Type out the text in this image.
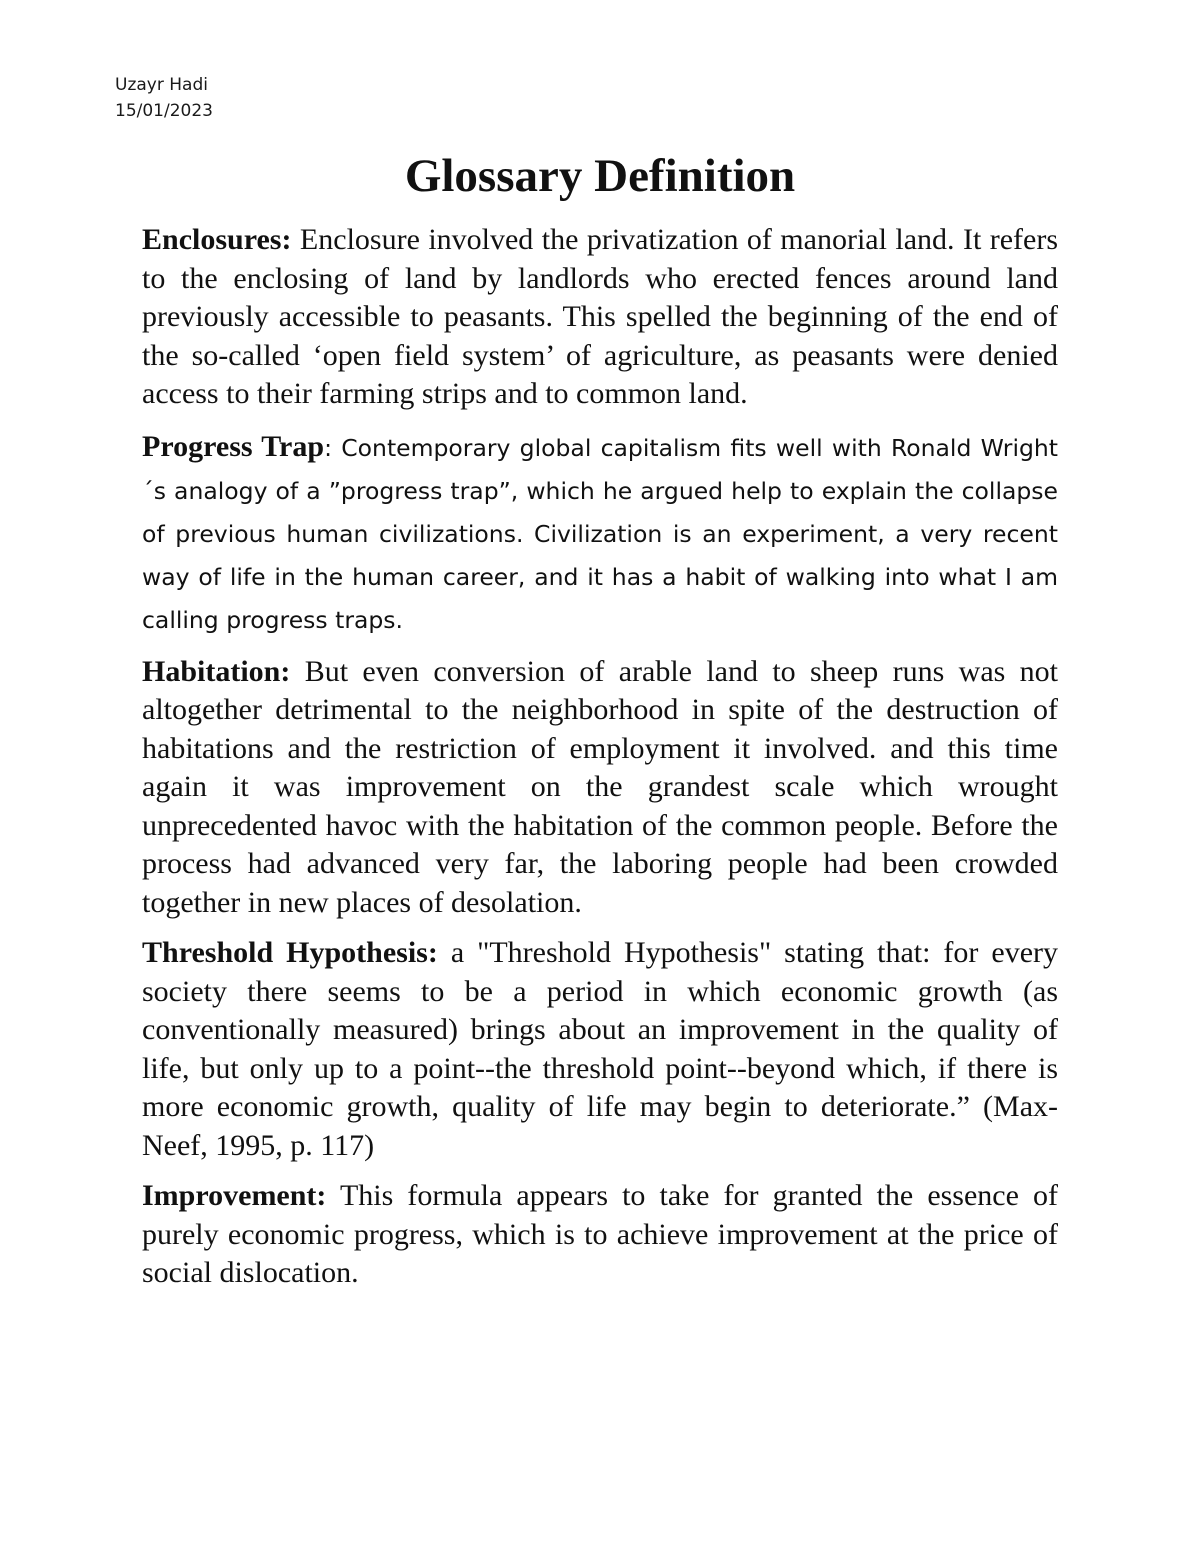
Uzayr Hadi
15/01/2023
Glossary Definition

Enclosures: Enclosure involved the privatization of manorial land. It refers to the enclosing of land by landlords who erected fences around land previously accessible to peasants. This spelled the beginning of the end of the so-called ‘open field system’ of agriculture, as peasants were denied access to their farming strips and to common land.

Progress Trap: Contemporary global capitalism fits well with Ronald Wright´s analogy of a ”progress trap”, which he argued help to explain the collapse of previous human civilizations. Civilization is an experiment, a very recent way of life in the human career, and it has a habit of walking into what I am calling progress traps.

Habitation: But even conversion of arable land to sheep runs was not altogether detrimental to the neighborhood in spite of the destruction of habitations and the restriction of employment it involved. and this time again it was improvement on the grandest scale which wrought unprecedented havoc with the habitation of the common people. Before the process had advanced very far, the laboring people had been crowded together in new places of desolation.

Threshold Hypothesis: a "Threshold Hypothesis" stating that: for every society there seems to be a period in which economic growth (as conventionally measured) brings about an improvement in the quality of life, but only up to a point--the threshold point--beyond which, if there is more economic growth, quality of life may begin to deteriorate.” (Max-Neef, 1995, p. 117)

Improvement: This formula appears to take for granted the essence of purely economic progress, which is to achieve improvement at the price of social dislocation.
